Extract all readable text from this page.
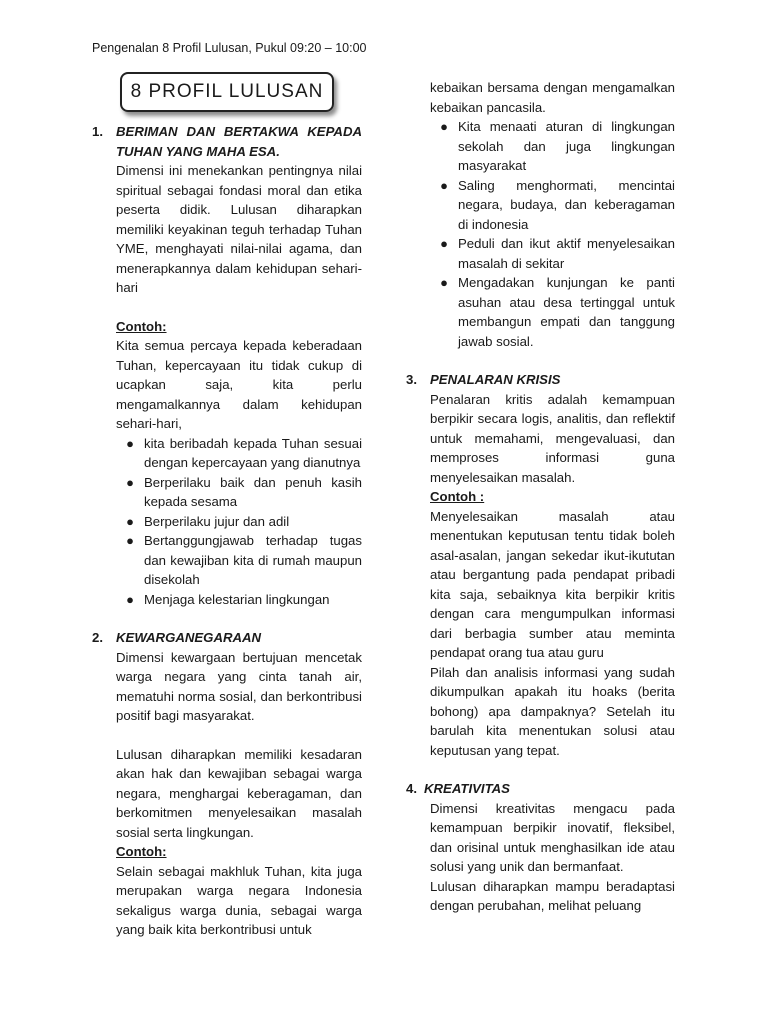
Pengenalan 8 Profil Lulusan, Pukul 09:20 – 10:00
8 PROFIL LULUSAN
1. BERIMAN DAN BERTAKWA KEPADA TUHAN YANG MAHA ESA.
Dimensi ini menekankan pentingnya nilai spiritual sebagai fondasi moral dan etika peserta didik. Lulusan diharapkan memiliki keyakinan teguh terhadap Tuhan YME, menghayati nilai-nilai agama, dan menerapkannya dalam kehidupan sehari-hari
Contoh:
Kita semua percaya kepada keberadaan Tuhan, kepercayaan itu tidak cukup di ucapkan saja, kita perlu mengamalkannya dalam kehidupan sehari-hari,
● kita beribadah kepada Tuhan sesuai dengan kepercayaan yang dianutnya
● Berperilaku baik dan penuh kasih kepada sesama
● Berperilaku jujur dan adil
● Bertanggungjawab terhadap tugas dan kewajiban kita di rumah maupun disekolah
● Menjaga kelestarian lingkungan
2. KEWARGANEGARAAN
Dimensi kewargaan bertujuan mencetak warga negara yang cinta tanah air, mematuhi norma sosial, dan berkontribusi positif bagi masyarakat.
Lulusan diharapkan memiliki kesadaran akan hak dan kewajiban sebagai warga negara, menghargai keberagaman, dan berkomitmen menyelesaikan masalah sosial serta lingkungan.
Contoh:
Selain sebagai makhluk Tuhan, kita juga merupakan warga negara Indonesia sekaligus warga dunia, sebagai warga yang baik kita berkontribusi untuk
kebaikan bersama dengan mengamalkan kebaikan pancasila.
● Kita menaati aturan di lingkungan sekolah dan juga lingkungan masyarakat
● Saling menghormati, mencintai negara, budaya, dan keberagaman di indonesia
● Peduli dan ikut aktif menyelesaikan masalah di sekitar
● Mengadakan kunjungan ke panti asuhan atau desa tertinggal untuk membangun empati dan tanggung jawab sosial.
3. PENALARAN KRISIS
Penalaran kritis adalah kemampuan berpikir secara logis, analitis, dan reflektif untuk memahami, mengevaluasi, dan memproses informasi guna menyelesaikan masalah.
Contoh :
Menyelesaikan masalah atau menentukan keputusan tentu tidak boleh asal-asalan, jangan sekedar ikut-ikututan atau bergantung pada pendapat pribadi kita saja, sebaiknya kita berpikir kritis dengan cara mengumpulkan informasi dari berbagia sumber atau meminta pendapat orang tua atau guru
Pilah dan analisis informasi yang sudah dikumpulkan apakah itu hoaks (berita bohong) apa dampaknya? Setelah itu barulah kita menentukan solusi atau keputusan yang tepat.
4. KREATIVITAS
Dimensi kreativitas mengacu pada kemampuan berpikir inovatif, fleksibel, dan orisinal untuk menghasilkan ide atau solusi yang unik dan bermanfaat.
Lulusan diharapkan mampu beradaptasi dengan perubahan, melihat peluang
